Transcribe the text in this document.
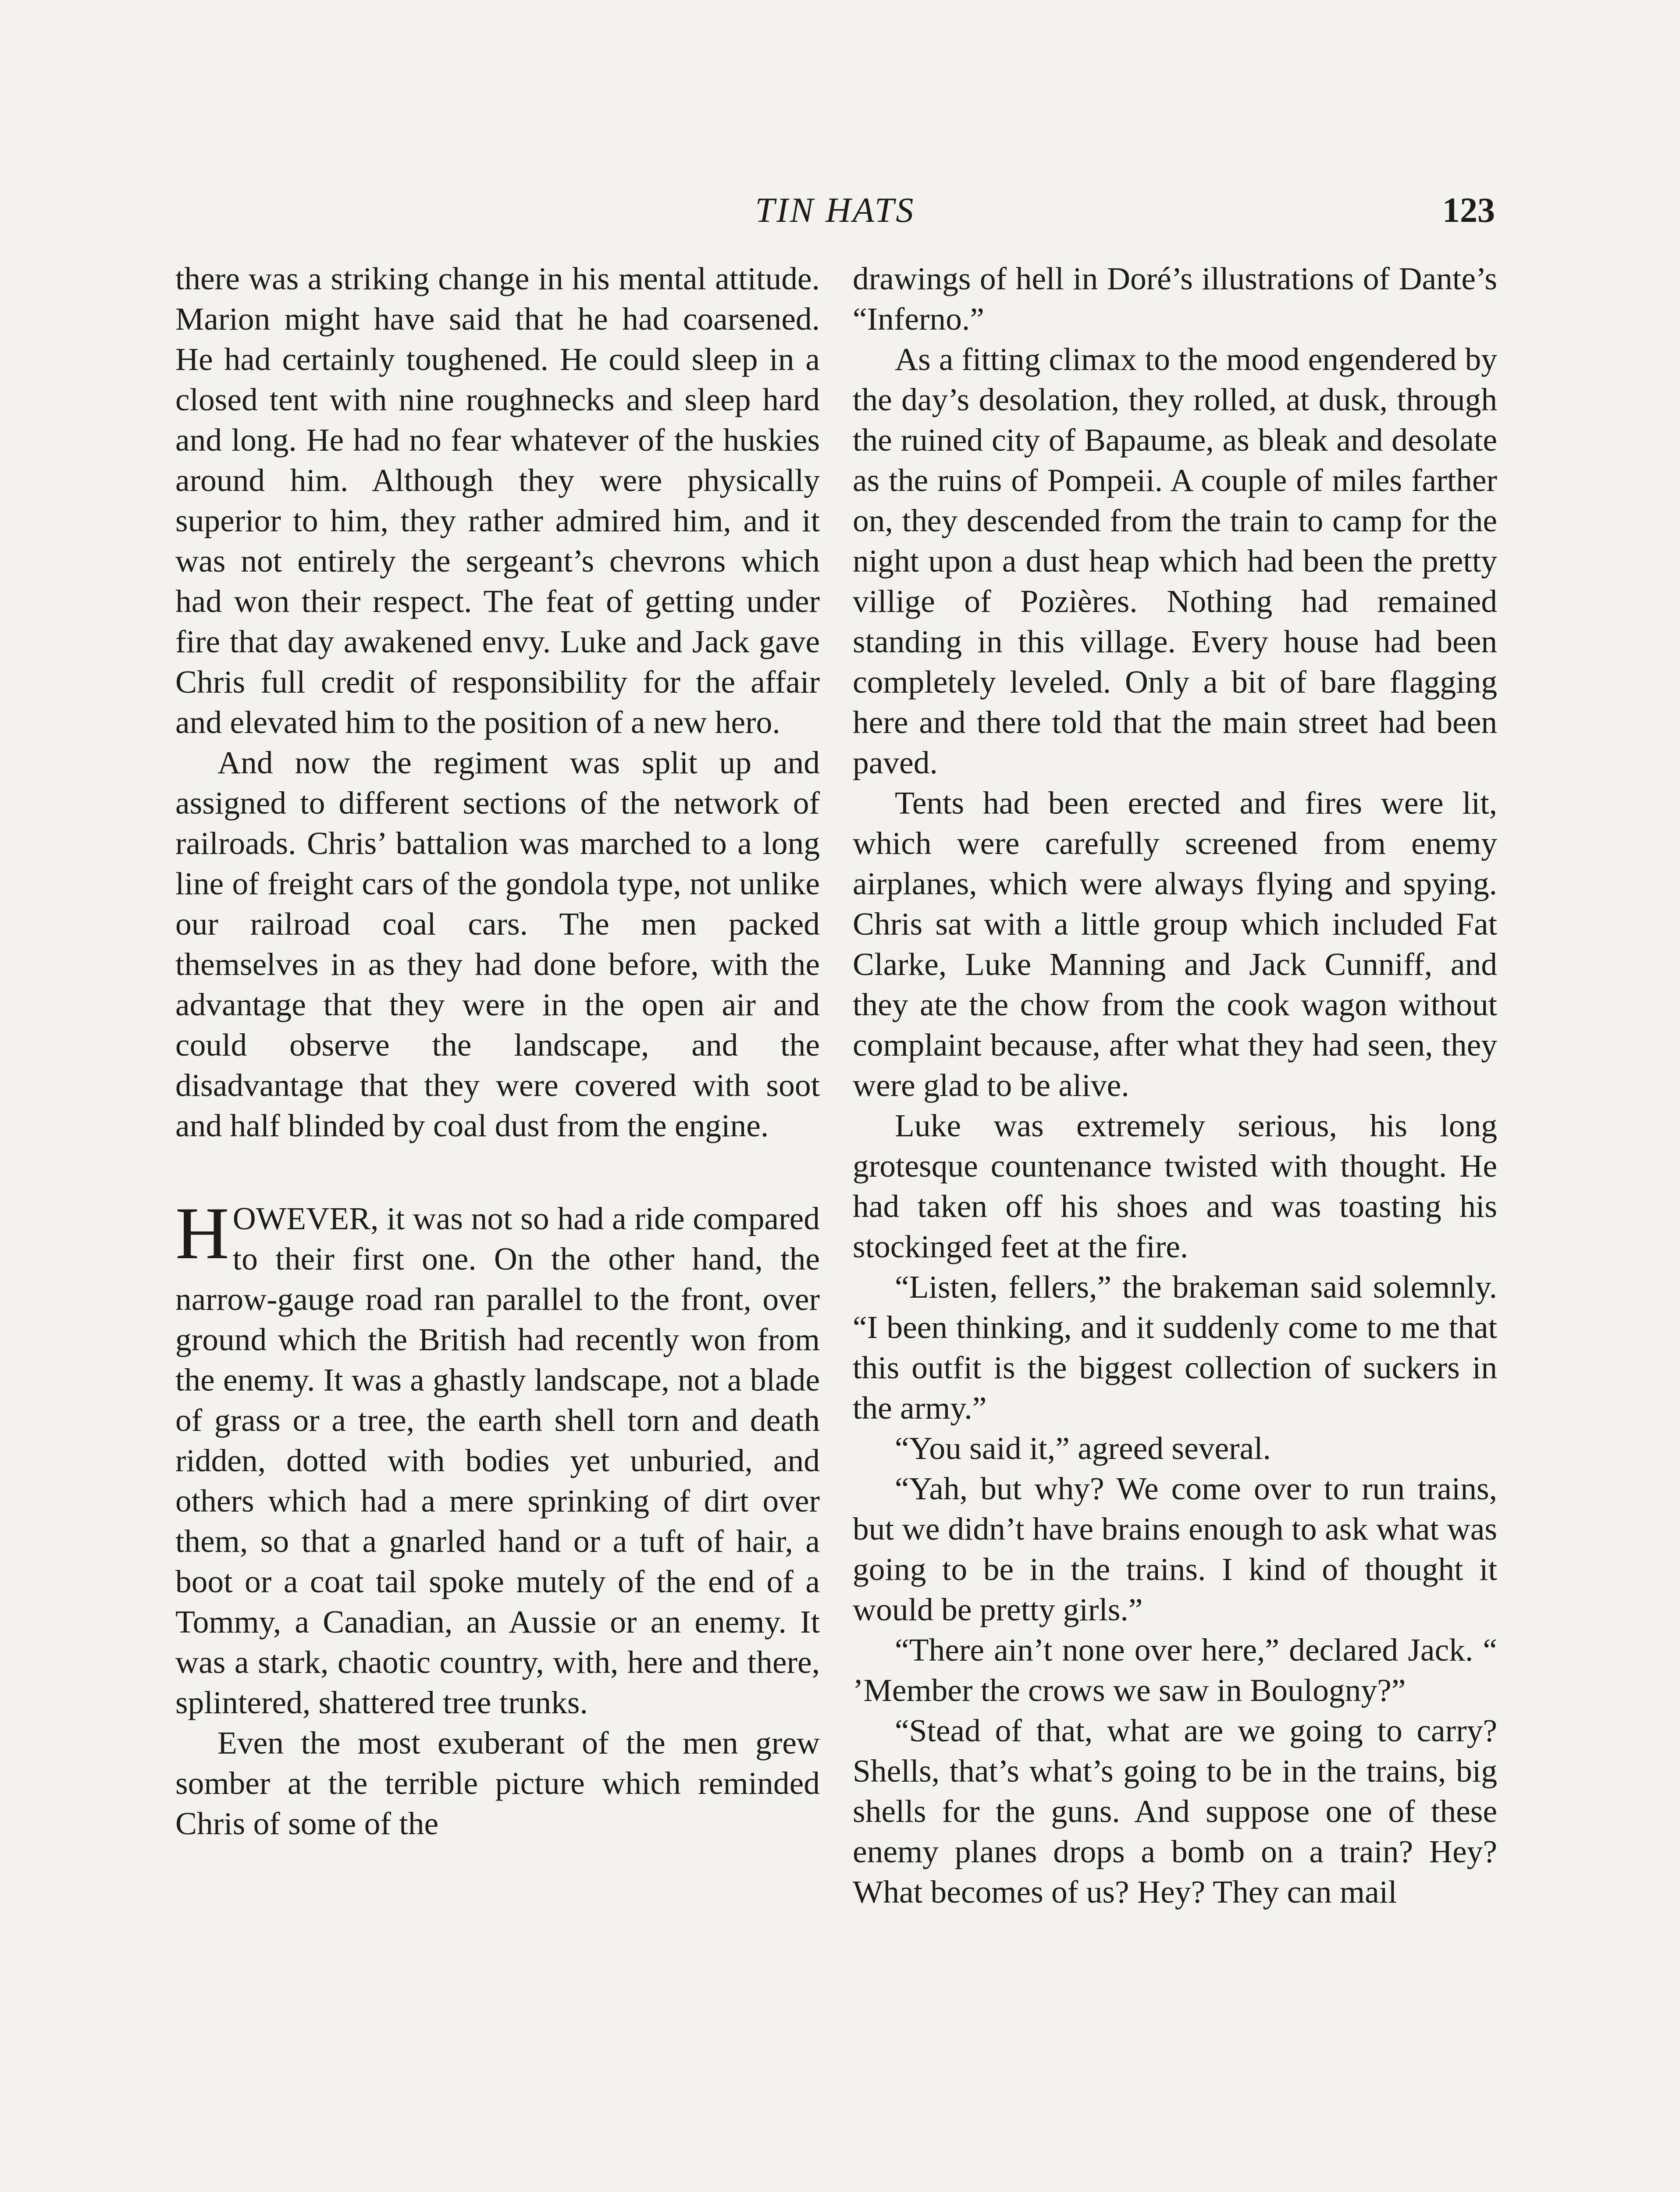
TIN HATS	123

there was a striking change in his mental attitude. Marion might have said that he had coarsened. He had certainly toughened. He could sleep in a closed tent with nine roughnecks and sleep hard and long. He had no fear whatever of the huskies around him. Although they were physically superior to him, they rather admired him, and it was not entirely the sergeant’s chevrons which had won their respect. The feat of getting under fire that day awakened envy. Luke and Jack gave Chris full credit of responsibility for the affair and elevated him to the position of a new hero.

And now the regiment was split up and assigned to different sections of the network of railroads. Chris’ battalion was marched to a long line of freight cars of the gondola type, not unlike our railroad coal cars. The men packed themselves in as they had done before, with the advantage that they were in the open air and could observe the landscape, and the disadvantage that they were covered with soot and half blinded by coal dust from the engine.

HOWEVER, it was not so had a ride compared to their first one. On the other hand, the narrow-gauge road ran parallel to the front, over ground which the British had recently won from the enemy. It was a ghastly landscape, not a blade of grass or a tree, the earth shell torn and death ridden, dotted with bodies yet unburied, and others which had a mere sprinking of dirt over them, so that a gnarled hand or a tuft of hair, a boot or a coat tail spoke mutely of the end of a Tommy, a Canadian, an Aussie or an enemy. It was a stark, chaotic country, with, here and there, splintered, shattered tree trunks.

Even the most exuberant of the men grew somber at the terrible picture which reminded Chris of some of the

drawings of hell in Doré’s illustrations of Dante’s “Inferno.”

As a fitting climax to the mood engendered by the day’s desolation, they rolled, at dusk, through the ruined city of Bapaume, as bleak and desolate as the ruins of Pompeii. A couple of miles farther on, they descended from the train to camp for the night upon a dust heap which had been the pretty villige of Pozières. Nothing had remained standing in this village. Every house had been completely leveled. Only a bit of bare flagging here and there told that the main street had been paved.

Tents had been erected and fires were lit, which were carefully screened from enemy airplanes, which were always flying and spying. Chris sat with a little group which included Fat Clarke, Luke Manning and Jack Cunniff, and they ate the chow from the cook wagon without complaint because, after what they had seen, they were glad to be alive.

Luke was extremely serious, his long grotesque countenance twisted with thought. He had taken off his shoes and was toasting his stockinged feet at the fire.

“Listen, fellers,” the brakeman said solemnly. “I been thinking, and it suddenly come to me that this outfit is the biggest collection of suckers in the army.”

“You said it,” agreed several.

“Yah, but why? We come over to run trains, but we didn’t have brains enough to ask what was going to be in the trains. I kind of thought it would be pretty girls.”

“There ain’t none over here,” declared Jack. “ ’Member the crows we saw in Boulogny?”

“Stead of that, what are we going to carry? Shells, that’s what’s going to be in the trains, big shells for the guns. And suppose one of these enemy planes drops a bomb on a train? Hey? What becomes of us? Hey? They can mail
